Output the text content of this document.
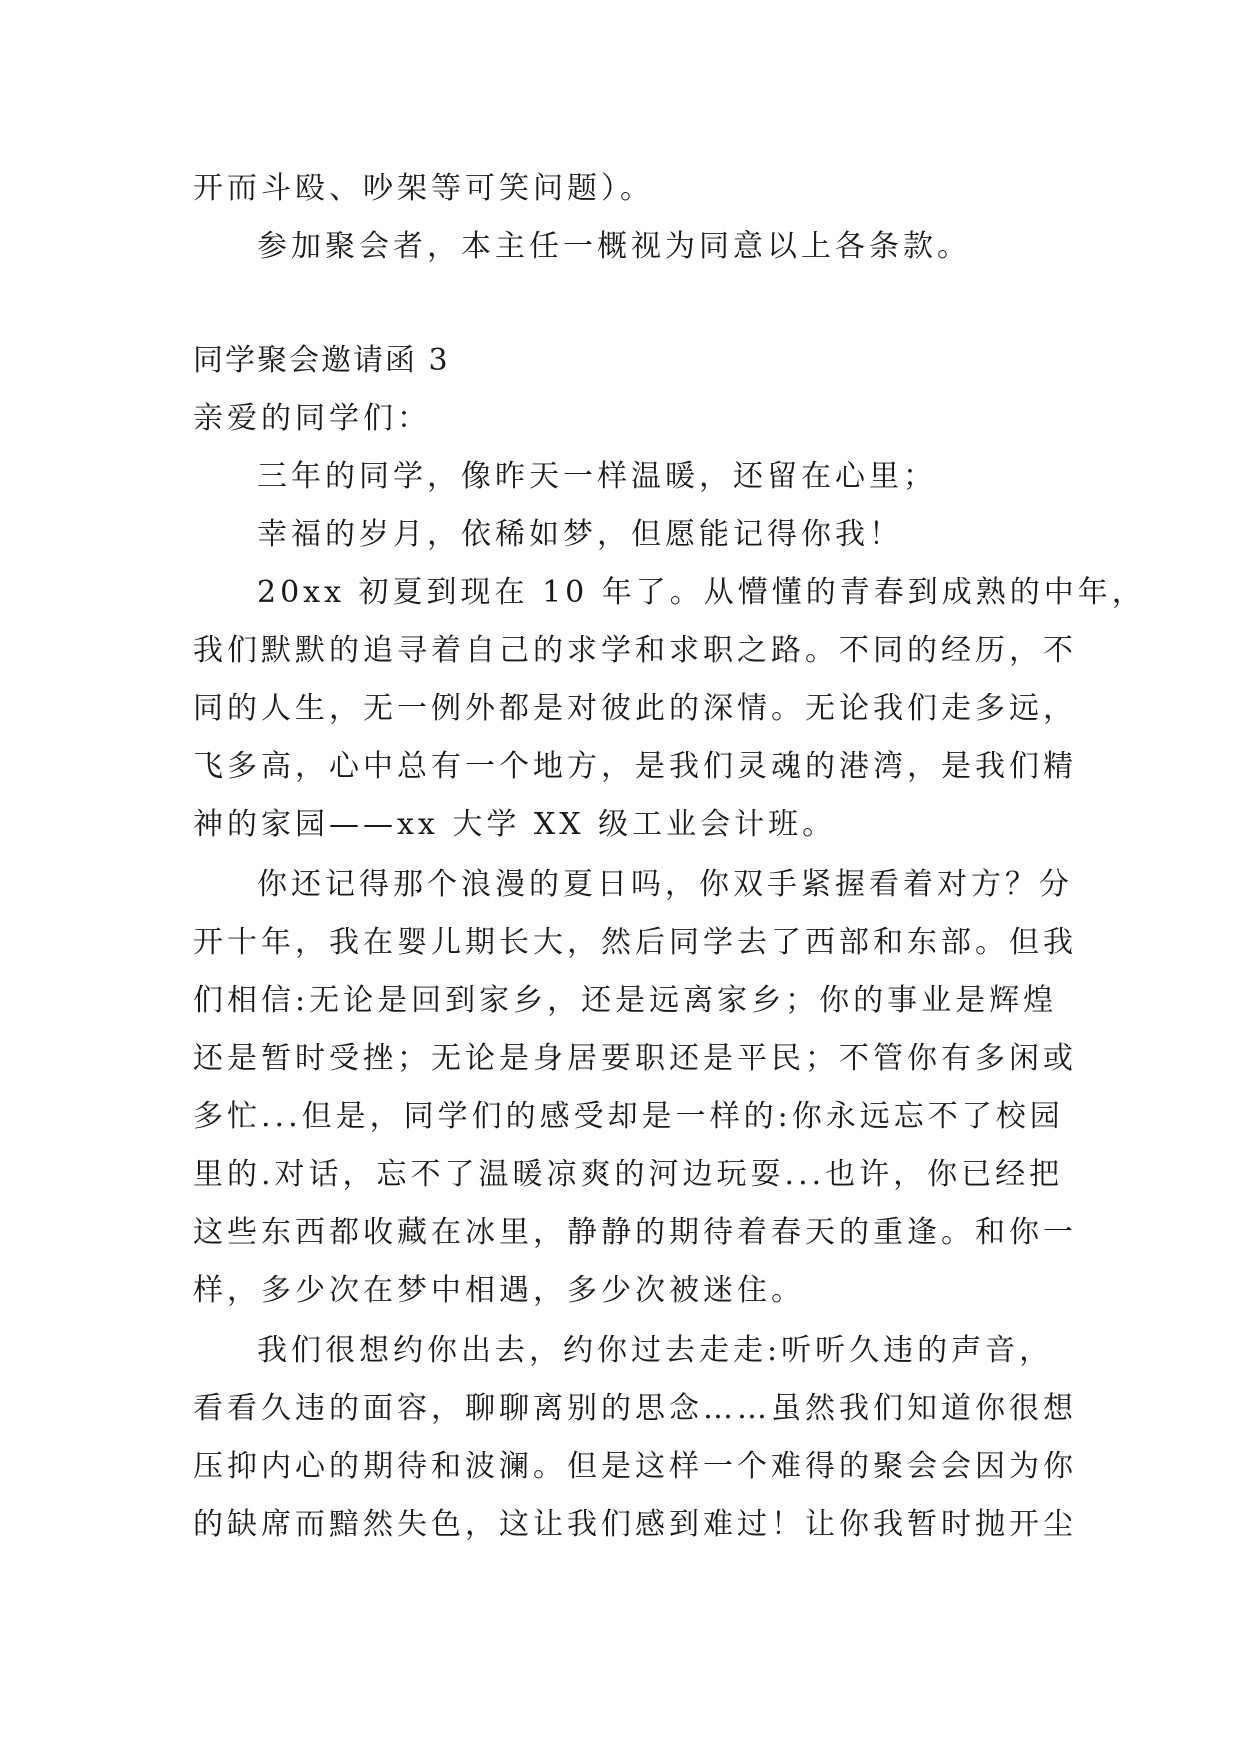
开而斗殴、吵架等可笑问题）。
参加聚会者，本主任一概视为同意以上各条款。
同学聚会邀请函 3
亲爱的同学们：
三年的同学，像昨天一样温暖，还留在心里；
幸福的岁月，依稀如梦，但愿能记得你我！
20xx 初夏到现在 10 年了。从懵懂的青春到成熟的中年，
我们默默的追寻着自己的求学和求职之路。不同的经历，不
同的人生，无一例外都是对彼此的深情。无论我们走多远，
飞多高，心中总有一个地方，是我们灵魂的港湾，是我们精
神的家园——xx 大学 XX 级工业会计班。
你还记得那个浪漫的夏日吗，你双手紧握看着对方？分
开十年，我在婴儿期长大，然后同学去了西部和东部。但我
们相信:无论是回到家乡，还是远离家乡；你的事业是辉煌
还是暂时受挫；无论是身居要职还是平民；不管你有多闲或
多忙...但是，同学们的感受却是一样的:你永远忘不了校园
里的.对话，忘不了温暖凉爽的河边玩耍...也许，你已经把
这些东西都收藏在冰里，静静的期待着春天的重逢。和你一
样，多少次在梦中相遇，多少次被迷住。
我们很想约你出去，约你过去走走:听听久违的声音，
看看久违的面容，聊聊离别的思念……虽然我们知道你很想
压抑内心的期待和波澜。但是这样一个难得的聚会会因为你
的缺席而黯然失色，这让我们感到难过！让你我暂时抛开尘
